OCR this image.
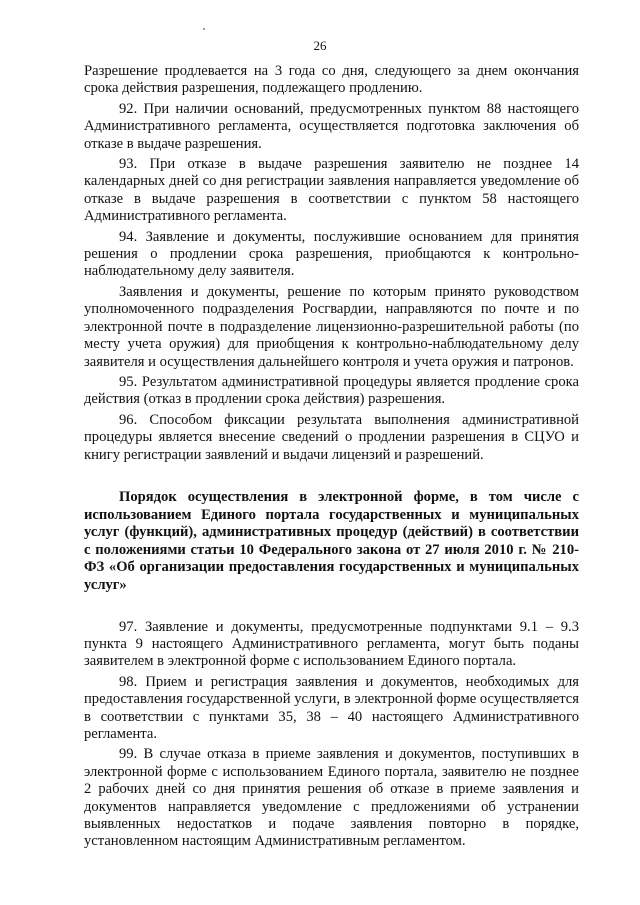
26

Разрешение продлевается на 3 года со дня, следующего за днем окончания срока действия разрешения, подлежащего продлению.

92. При наличии оснований, предусмотренных пунктом 88 настоящего Административного регламента, осуществляется подготовка заключения об отказе в выдаче разрешения.

93. При отказе в выдаче разрешения заявителю не позднее 14 календарных дней со дня регистрации заявления направляется уведомление об отказе в выдаче разрешения в соответствии с пунктом 58 настоящего Административного регламента.

94. Заявление и документы, послужившие основанием для принятия решения о продлении срока разрешения, приобщаются к контрольно-наблюдательному делу заявителя.

Заявления и документы, решение по которым принято руководством уполномоченного подразделения Росгвардии, направляются по почте и по электронной почте в подразделение лицензионно-разрешительной работы (по месту учета оружия) для приобщения к контрольно-наблюдательному делу заявителя и осуществления дальнейшего контроля и учета оружия и патронов.

95. Результатом административной процедуры является продление срока действия (отказ в продлении срока действия) разрешения.

96. Способом фиксации результата выполнения административной процедуры является внесение сведений о продлении разрешения в СЦУО и книгу регистрации заявлений и выдачи лицензий и разрешений.

Порядок осуществления в электронной форме, в том числе с использованием Единого портала государственных и муниципальных услуг (функций), административных процедур (действий) в соответствии с положениями статьи 10 Федерального закона от 27 июля 2010 г. № 210-ФЗ «Об организации предоставления государственных и муниципальных услуг»

97. Заявление и документы, предусмотренные подпунктами 9.1 – 9.3 пункта 9 настоящего Административного регламента, могут быть поданы заявителем в электронной форме с использованием Единого портала.

98. Прием и регистрация заявления и документов, необходимых для предоставления государственной услуги, в электронной форме осуществляется в соответствии с пунктами 35, 38 – 40 настоящего Административного регламента.

99. В случае отказа в приеме заявления и документов, поступивших в электронной форме с использованием Единого портала, заявителю не позднее 2 рабочих дней со дня принятия решения об отказе в приеме заявления и документов направляется уведомление с предложениями об устранении выявленных недостатков и подаче заявления повторно в порядке, установленном настоящим Административным регламентом.
